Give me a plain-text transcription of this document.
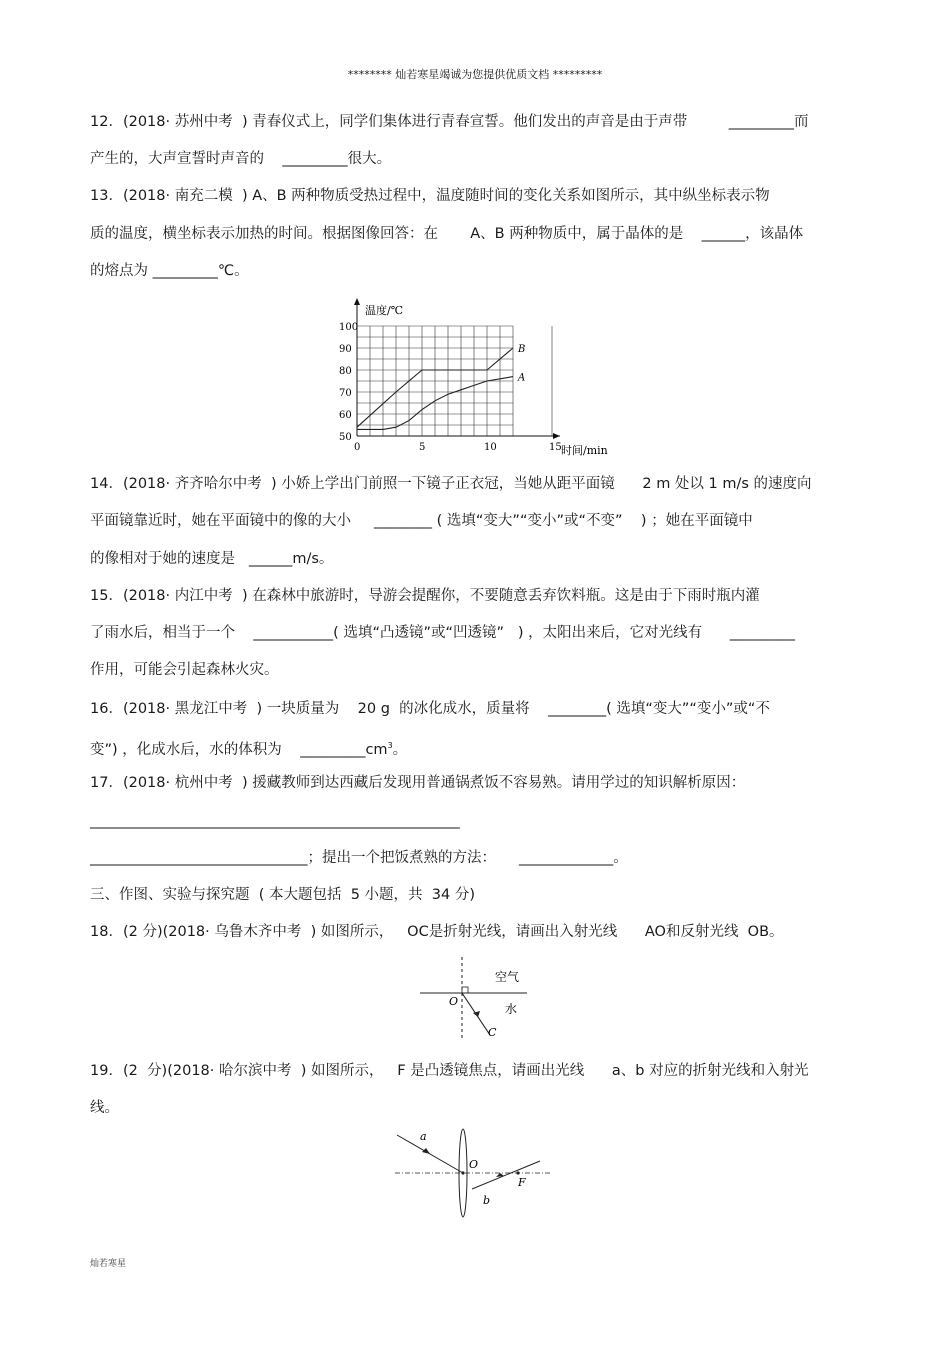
******** 灿若寒星竭诚为您提供优质文档 *********
12．(2018· 苏州中考  ) 青春仪式上，同学们集体进行青春宣誓。他们发出的声音是由于声带         _________而
产生的，大声宣誓时声音的    _________很大。
13．(2018· 南充二模  ) A、B 两种物质受热过程中，温度随时间的变化关系如图所示，其中纵坐标表示物
质的温度，横坐标表示加热的时间。根据图像回答：在       A、B 两种物质中，属于晶体的是    ______，该晶体
的熔点为 _________℃。
A
B
50
60
70
80
90
100
0	5	10	15
温度/℃
时间/min
14．(2018· 齐齐哈尔中考  ) 小娇上学出门前照一下镜子正衣冠，当她从距平面镜      2 m 处以 1 m/s 的速度向
平面镜靠近时，她在平面镜中的像的大小     ________ ( 选填“变大”“变小”或“不变”    ) ；她在平面镜中
的像相对于她的速度是   ______m/s。
15．(2018· 内江中考  ) 在森林中旅游时，导游会提醒你，不要随意丢弃饮料瓶。这是由于下雨时瓶内灌
了雨水后，相当于一个    ___________( 选填“凸透镜”或“凹透镜”   ) ，太阳出来后，它对光线有      _________
作用，可能会引起森林火灾。
16．(2018· 黑龙江中考  ) 一块质量为    20 g  的冰化成水，质量将    ________( 选填“变大”“变小”或“不
变”) ，化成水后，水的体积为    $\_\_\_\_\_\_\_\_\_cm^3$。
17．(2018· 杭州中考  ) 援藏教师到达西藏后发现用普通锅煮饭不容易熟。请用学过的知识解析原因：
___________________________________________________
______________________________；提出一个把饭煮熟的方法：     _____________。
三、作图、实验与探究题  ( 本大题包括  5 小题，共  34 分)
18．(2 分)(2018· 乌鲁木齐中考  ) 如图所示，   OC是折射光线，请画出入射光线      AO和反射光线  OB。
空气
水
O
C
19．(2  分)(2018· 哈尔滨中考  ) 如图所示，   F 是凸透镜焦点，请画出光线      a、b 对应的折射光线和入射光
线。
a
b
O
F
灿若寒星
